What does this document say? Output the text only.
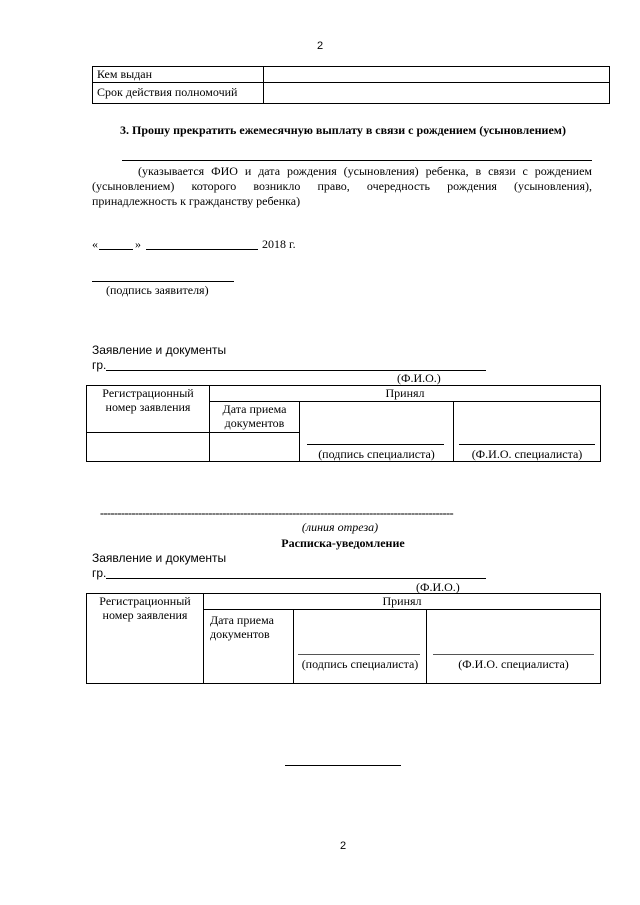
2
Кем выдан	
Срок действия полномочий	
3. Прошу прекратить ежемесячную выплату в связи с рождением (усыновлением)
(указывается ФИО и дата рождения (усыновления) ребенка, в связи с рождением (усыновлением) которого возникло право, очередность рождения (усыновления), принадлежность к гражданству ребенка)
«	»	2018 г.
(подпись заявителя)
Заявление и документы
гр.
(Ф.И.О.)
Регистрационный номер заявления	Принял		
	Дата приема документов	(подпись специалиста)	(Ф.И.О. специалиста)

-----------------------------------------------------------------------------------------------------
(линия отреза)
Расписка-уведомление
Заявление и документы
гр.
(Ф.И.О.)
Регистрационный номер заявления	Принял		
	Дата приема документов	(подпись специалиста)	(Ф.И.О. специалиста)
2
